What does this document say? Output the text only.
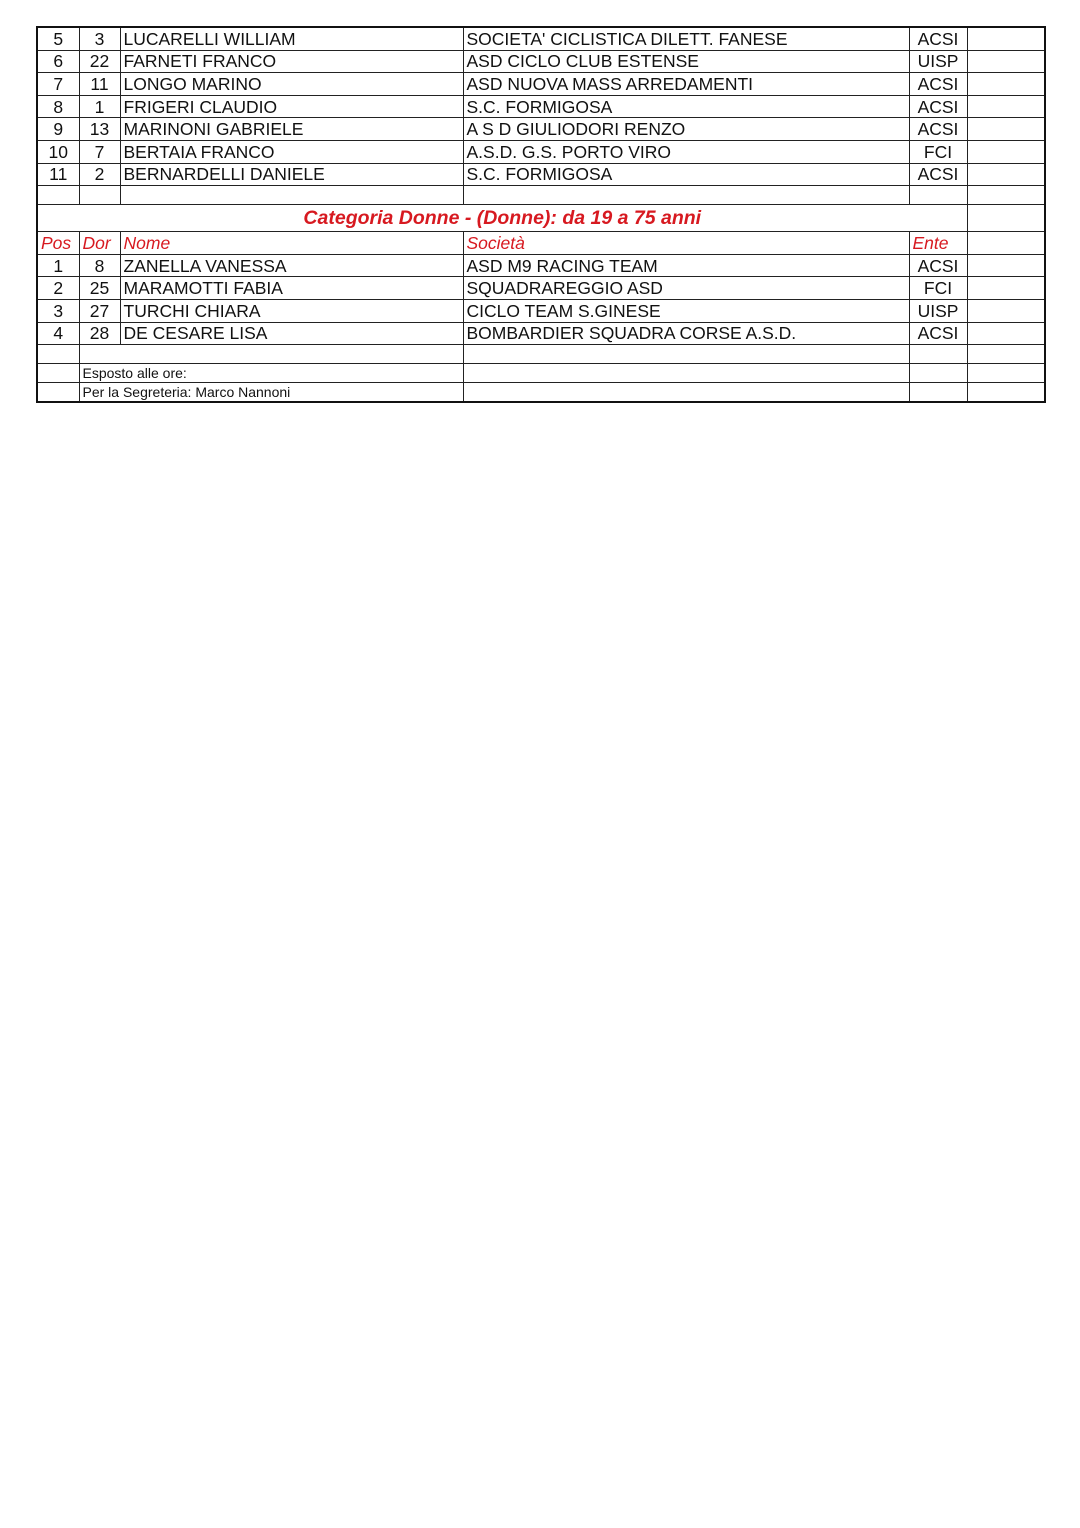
5	3	LUCARELLI WILLIAM	SOCIETA' CICLISTICA DILETT. FANESE	ACSI	
6	22	FARNETI FRANCO	ASD CICLO CLUB ESTENSE	UISP	
7	11	LONGO MARINO	ASD NUOVA MASS ARREDAMENTI	ACSI	
8	1	FRIGERI CLAUDIO	S.C. FORMIGOSA	ACSI	
9	13	MARINONI GABRIELE	A S D GIULIODORI RENZO	ACSI	
10	7	BERTAIA FRANCO	A.S.D. G.S. PORTO VIRO	FCI	
11	2	BERNARDELLI DANIELE	S.C. FORMIGOSA	ACSI	

Categoria Donne - (Donne): da 19 a 75 anni					
Pos	Dor	Nome	Società	Ente	
1	8	ZANELLA VANESSA	ASD M9 RACING TEAM	ACSI	
2	25	MARAMOTTI FABIA	SQUADRAREGGIO ASD	FCI	
3	27	TURCHI CHIARA	CICLO TEAM S.GINESE	UISP	
4	28	DE CESARE LISA	BOMBARDIER SQUADRA CORSE A.S.D.	ACSI	

	Esposto alle ore:				
	Per la Segreteria: Marco Nannoni				
